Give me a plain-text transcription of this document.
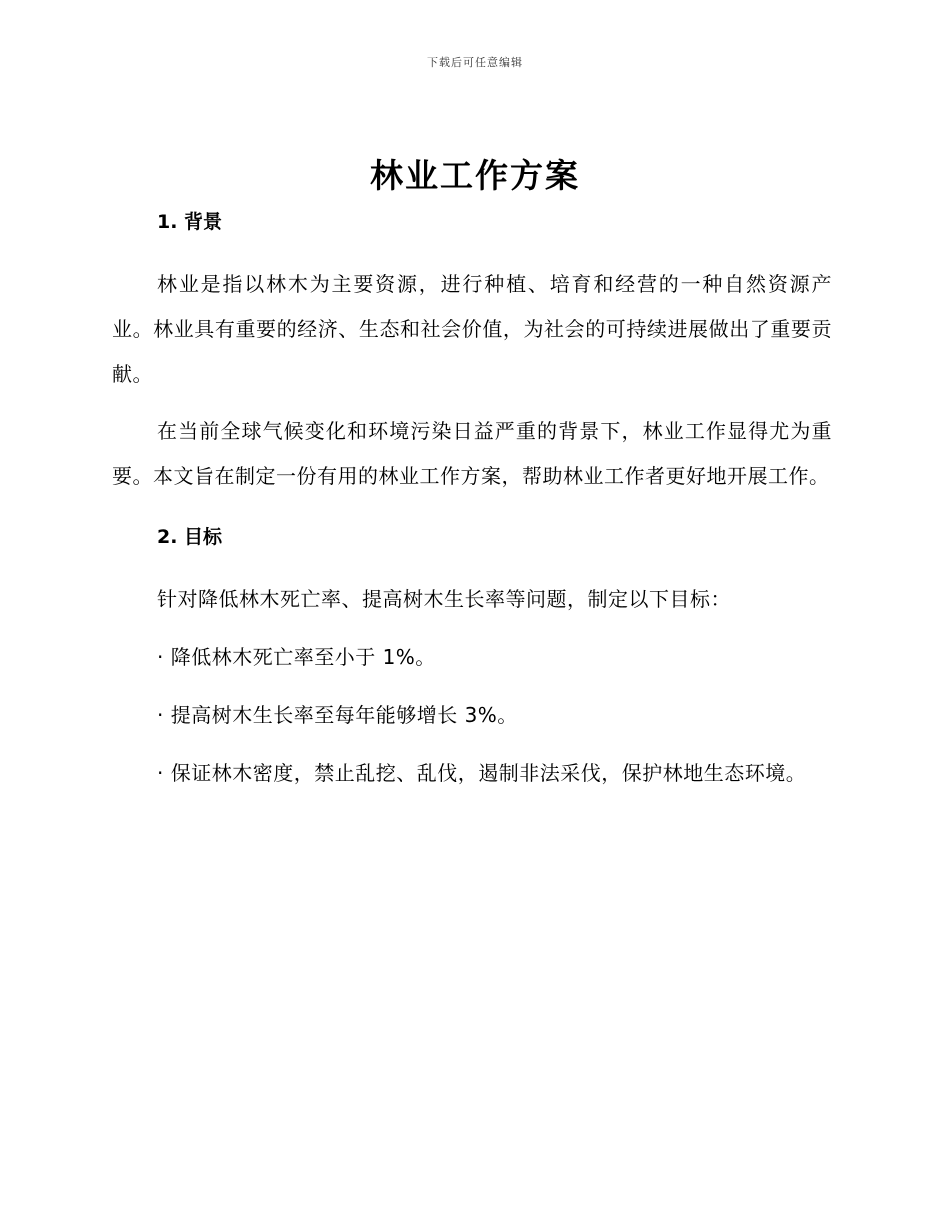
下载后可任意编辑
林业工作方案
1. 背景

林业是指以林木为主要资源，进行种植、培育和经营的一种自然资源产业。林业具有重要的经济、生态和社会价值，为社会的可持续进展做出了重要贡献。

在当前全球气候变化和环境污染日益严重的背景下，林业工作显得尤为重要。本文旨在制定一份有用的林业工作方案，帮助林业工作者更好地开展工作。

2. 目标

针对降低林木死亡率、提高树木生长率等问题，制定以下目标：

· 降低林木死亡率至小于 1%。

· 提高树木生长率至每年能够增长 3%。

· 保证林木密度，禁止乱挖、乱伐，遏制非法采伐，保护林地生态环境。
